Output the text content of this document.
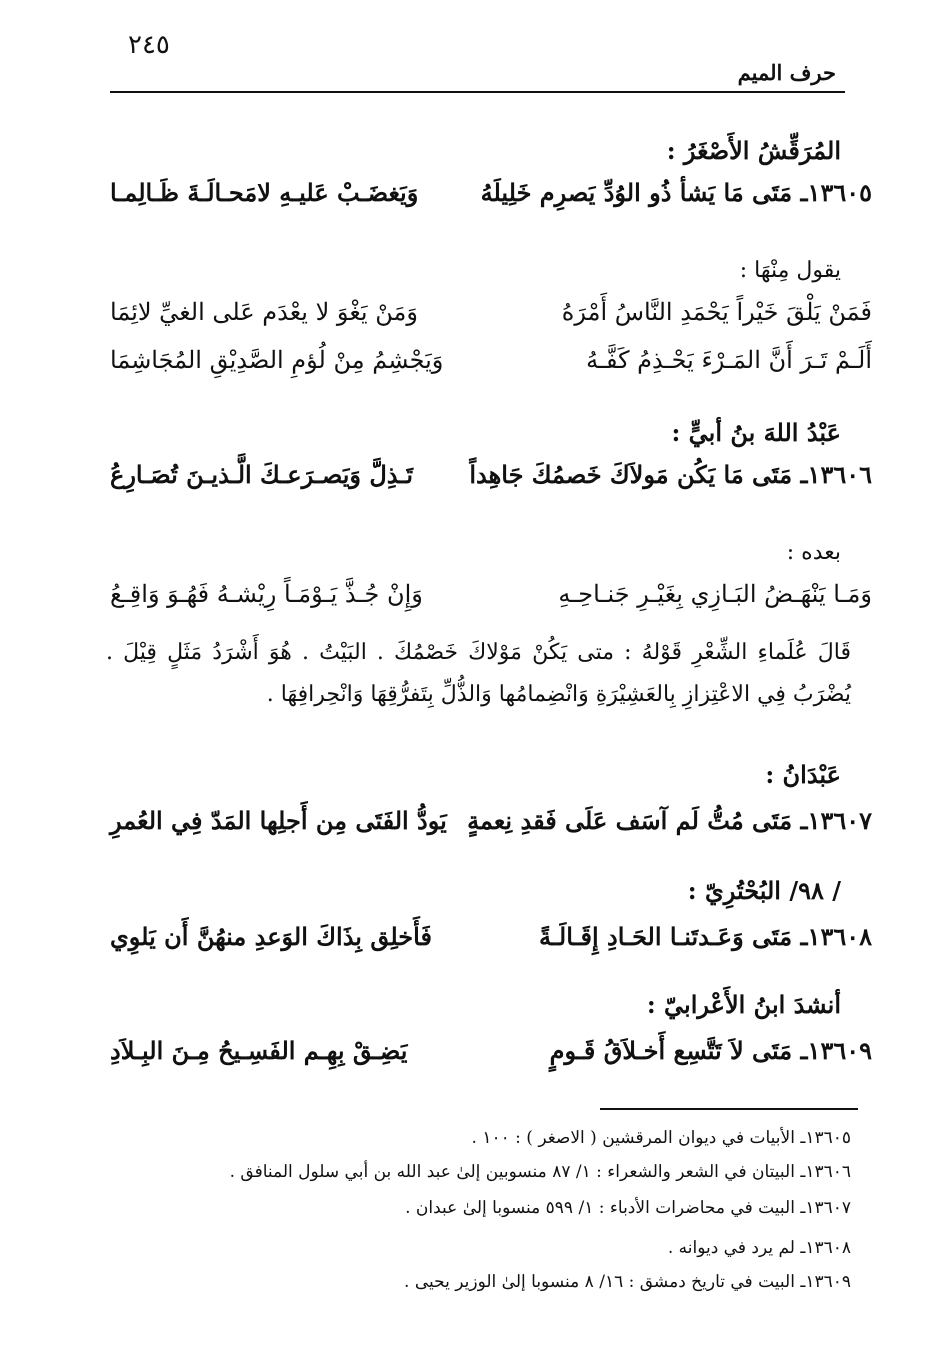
٢٤٥
حرف الميم
المُرَقِّشُ الأَصْغَرُ :
١٣٦٠٥ـ مَتَى مَا يَشأ ذُو الوُدِّ يَصرِم خَلِيلَهُ
وَيَغضَـبْ عَليـهِ لامَحـالَـةَ ظَـالِمـا
يقول مِنْهَا :
فَمَنْ يَلْقَ خَيْراً يَحْمَدِ النَّاسُ أَمْرَهُ
وَمَنْ يَغْوَ لا يعْدَم عَلى الغيِّ لائِمَا
أَلَـمْ تَـرَ أَنَّ المَـرْءَ يَحْـذِمُ كَفَّـهُ
وَيَجْشِمُ مِنْ لُؤمِ الصَّدِيْقِ المُجَاشِمَا
عَبْدُ اللهَ بنُ أبيٍّ :
١٣٦٠٦ـ مَتَى مَا يَكُن مَولاَكَ خَصمُكَ جَاهِداً
تَـذِلَّ وَيَصـرَعـكَ الَّـذيـنَ تُصَـارِعُ
بعده :
وَمَـا يَنْهَـضُ البَـازِي بِغَيْـرِ جَنـاحِـهِ
وَإِنْ جُـذَّ يَـوْمَـاً رِيْشـهُ فَهُـوَ وَاقِـعُ
قَالَ عُلَماءِ الشِّعْرِ قَوْلهُ : متى يَكُنْ مَوْلاكَ خَصْمُكَ . البَيْتُ . هُوَ أَشْرَدُ مَثَلٍ قِيْلَ . يُضْرَبُ فِي الاعْتِزازِ بِالعَشِيْرَةِ وَانْضِمامُها وَالذُّلِّ بِتَفرُّقِهَا وَانْحِرافِهَا .
عَبْدَانُ :
١٣٦٠٧ـ مَتَى مُتُّ لَم آسَف عَلَى فَقدِ نِعمةٍ
يَودُّ الفَتَى مِن أَجلِها المَدّ فِي العُمرِ
/ ٩٨/ البُحْتُرِيّ :
١٣٦٠٨ـ مَتَى وَعَـدتَنـا الحَـادِ إِقَـالَـةً
فَأَخلِق بِذَاكَ الوَعدِ منهُنَّ أَن يَلوِي
أنشدَ ابنُ الأَعْرابيّ :
١٣٦٠٩ـ مَتَى لاَ تَتَّسِع أَخـلاَقُ قَـومٍ
يَضِـقْ بِهِـم الفَسِـيحُ مِـنَ البِـلاَدِ
١٣٦٠٥ـ الأبيات في ديوان المرقشين ( الاصغر ) : ١٠٠ .
١٣٦٠٦ـ البيتان في الشعر والشعراء : ١/ ٨٧ منسوبين إلىٰ عبد الله بن أبي سلول المنافق .
١٣٦٠٧ـ البيت في محاضرات الأدباء : ١/ ٥٩٩ منسوبا إلىٰ عبدان .
١٣٦٠٨ـ لم يرد في ديوانه .
١٣٦٠٩ـ البيت في تاريخ دمشق : ١٦/ ٨ منسوبا إلىٰ الوزير يحيى .
